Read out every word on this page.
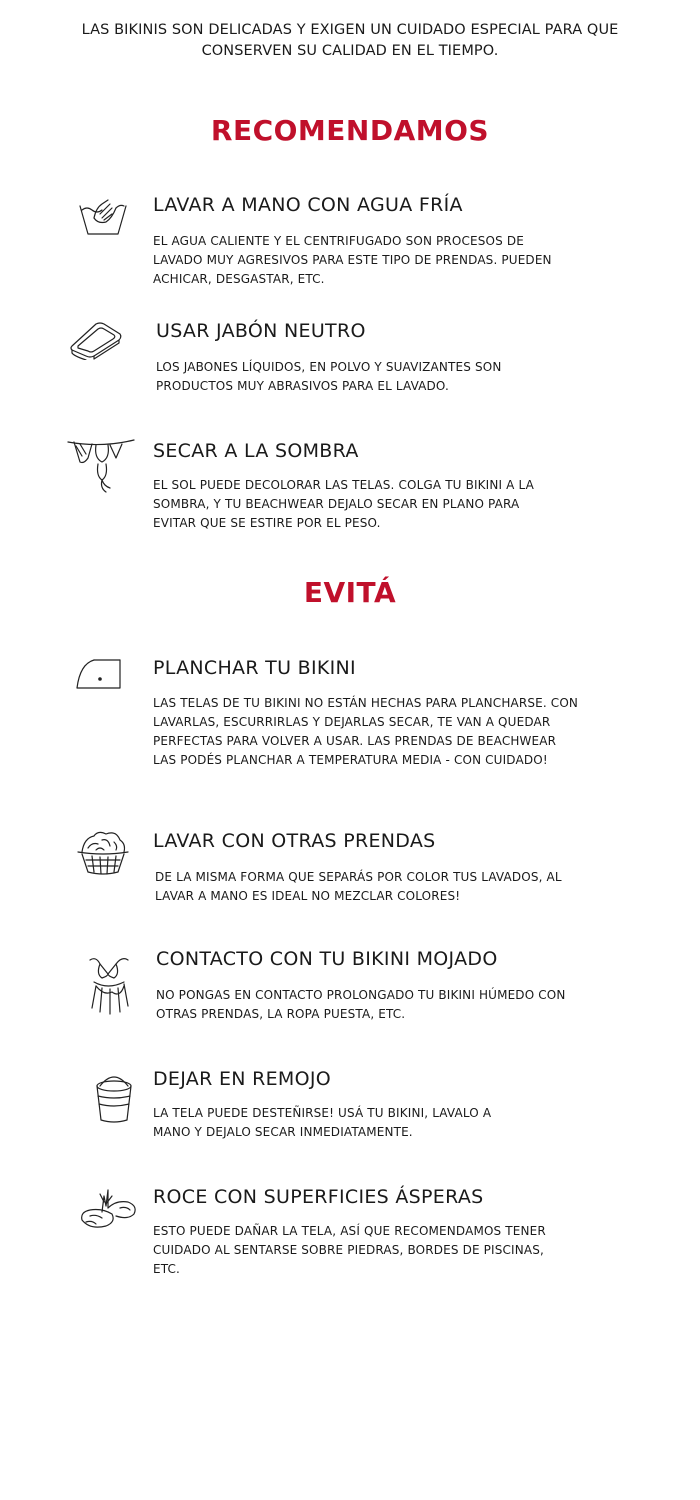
LAS BIKINIS SON DELICADAS Y EXIGEN UN CUIDADO ESPECIAL PARA QUE CONSERVEN SU CALIDAD EN EL TIEMPO.
RECOMENDAMOS
LAVAR A MANO CON AGUA FRÍA
EL AGUA CALIENTE Y EL CENTRIFUGADO SON PROCESOS DE LAVADO MUY AGRESIVOS PARA ESTE TIPO DE PRENDAS. PUEDEN ACHICAR, DESGASTAR, ETC.
USAR JABÓN NEUTRO
LOS JABONES LÍQUIDOS, EN POLVO Y SUAVIZANTES SON PRODUCTOS MUY ABRASIVOS PARA EL LAVADO.
SECAR A LA SOMBRA
EL SOL PUEDE DECOLORAR LAS TELAS. COLGA TU BIKINI A LA SOMBRA, Y TU BEACHWEAR DEJALO SECAR EN PLANO PARA EVITAR QUE SE ESTIRE POR EL PESO.
EVITÁ
PLANCHAR TU BIKINI
LAS TELAS DE TU BIKINI NO ESTÁN HECHAS PARA PLANCHARSE. CON LAVARLAS, ESCURRIRLAS Y DEJARLAS SECAR, TE VAN A QUEDAR PERFECTAS PARA VOLVER A USAR. LAS PRENDAS DE BEACHWEAR LAS PODÉS PLANCHAR A TEMPERATURA MEDIA - CON CUIDADO!
LAVAR CON OTRAS PRENDAS
DE LA MISMA FORMA QUE SEPARÁS POR COLOR TUS LAVADOS, AL LAVAR A MANO ES IDEAL NO MEZCLAR COLORES!
CONTACTO CON TU BIKINI MOJADO
NO PONGAS EN CONTACTO PROLONGADO TU BIKINI HÚMEDO CON OTRAS PRENDAS, LA ROPA PUESTA, ETC.
DEJAR EN REMOJO
LA TELA PUEDE DESTEÑIRSE! USÁ TU BIKINI, LAVALO A MANO Y DEJALO SECAR INMEDIATAMENTE.
ROCE CON SUPERFICIES ÁSPERAS
ESTO PUEDE DAÑAR LA TELA, ASÍ QUE RECOMENDAMOS TENER CUIDADO AL SENTARSE SOBRE PIEDRAS, BORDES DE PISCINAS, ETC.
